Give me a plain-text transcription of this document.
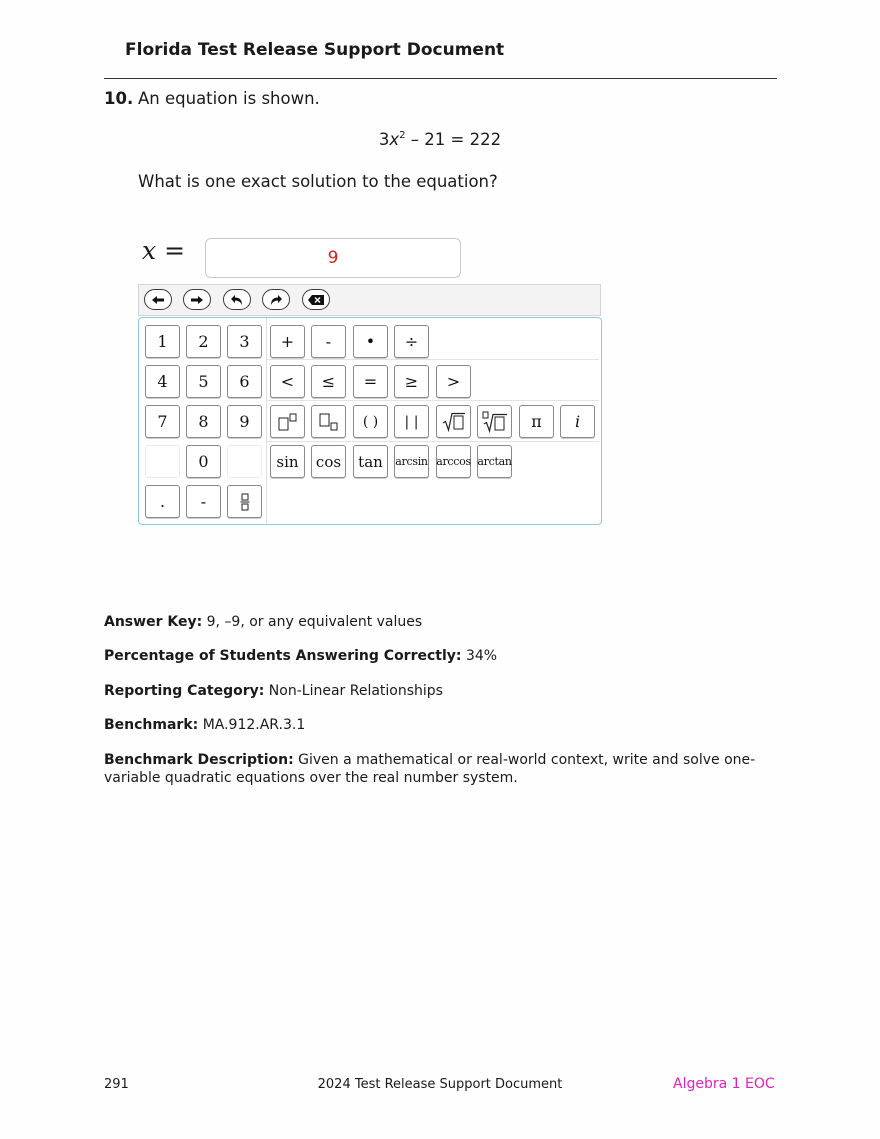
Florida Test Release Support Document
10. An equation is shown.
$3x^2 - 21 = 222$
What is one exact solution to the equation?
x =	9
1	2	3
4	5	6
7	8	9
0
.	-
+	-	•	÷
<	≤	=	≥	>
( )	| |	π	i
sin	cos	tan	arcsin arccos arctan
Answer Key: 9, –9, or any equivalent values
Percentage of Students Answering Correctly: 34%
Reporting Category: Non-Linear Relationships
Benchmark: MA.912.AR.3.1
Benchmark Description: Given a mathematical or real-world context, write and solve one-variable quadratic equations over the real number system.
291	2024 Test Release Support Document	Algebra 1 EOC
